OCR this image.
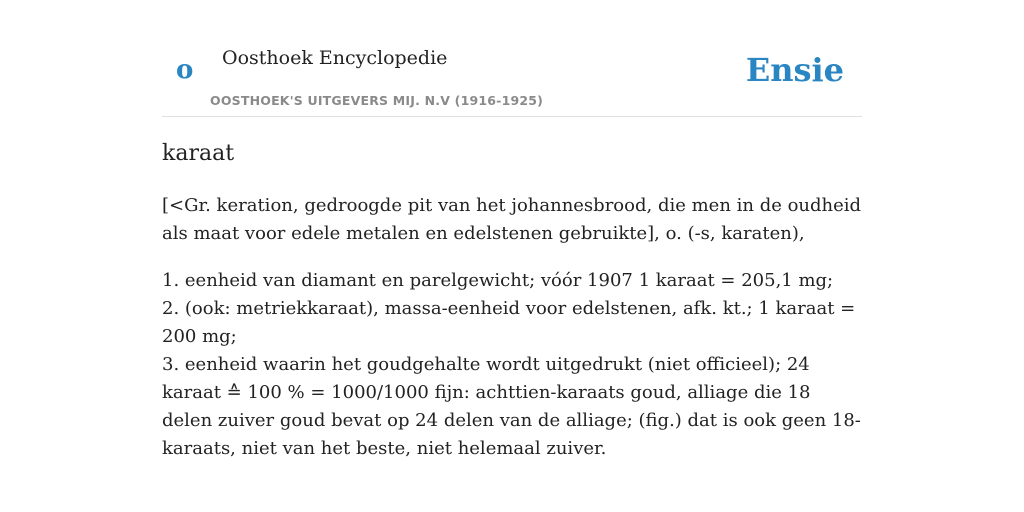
o Oosthoek Encyclopedie
OOSTHOEK'S UITGEVERS MIJ. N.V (1916-1925)
Ensie
karaat

[<Gr. keration, gedroogde pit van het johannesbrood, die men in de oudheid als maat voor edele metalen en edelstenen gebruikte], o. (-s, karaten),

1. eenheid van diamant en parelgewicht; vóór 1907 1 karaat = 205,1 mg;
2. (ook: metriekkaraat), massa-eenheid voor edelstenen, afk. kt.; 1 karaat = 200 mg;
3. eenheid waarin het goudgehalte wordt uitgedrukt (niet officieel); 24 karaat ≙ 100 % = 1000/1000 fijn: achttien-karaats goud, alliage die 18 delen zuiver goud bevat op 24 delen van de alliage; (fig.) dat is ook geen 18-karaats, niet van het beste, niet helemaal zuiver.
